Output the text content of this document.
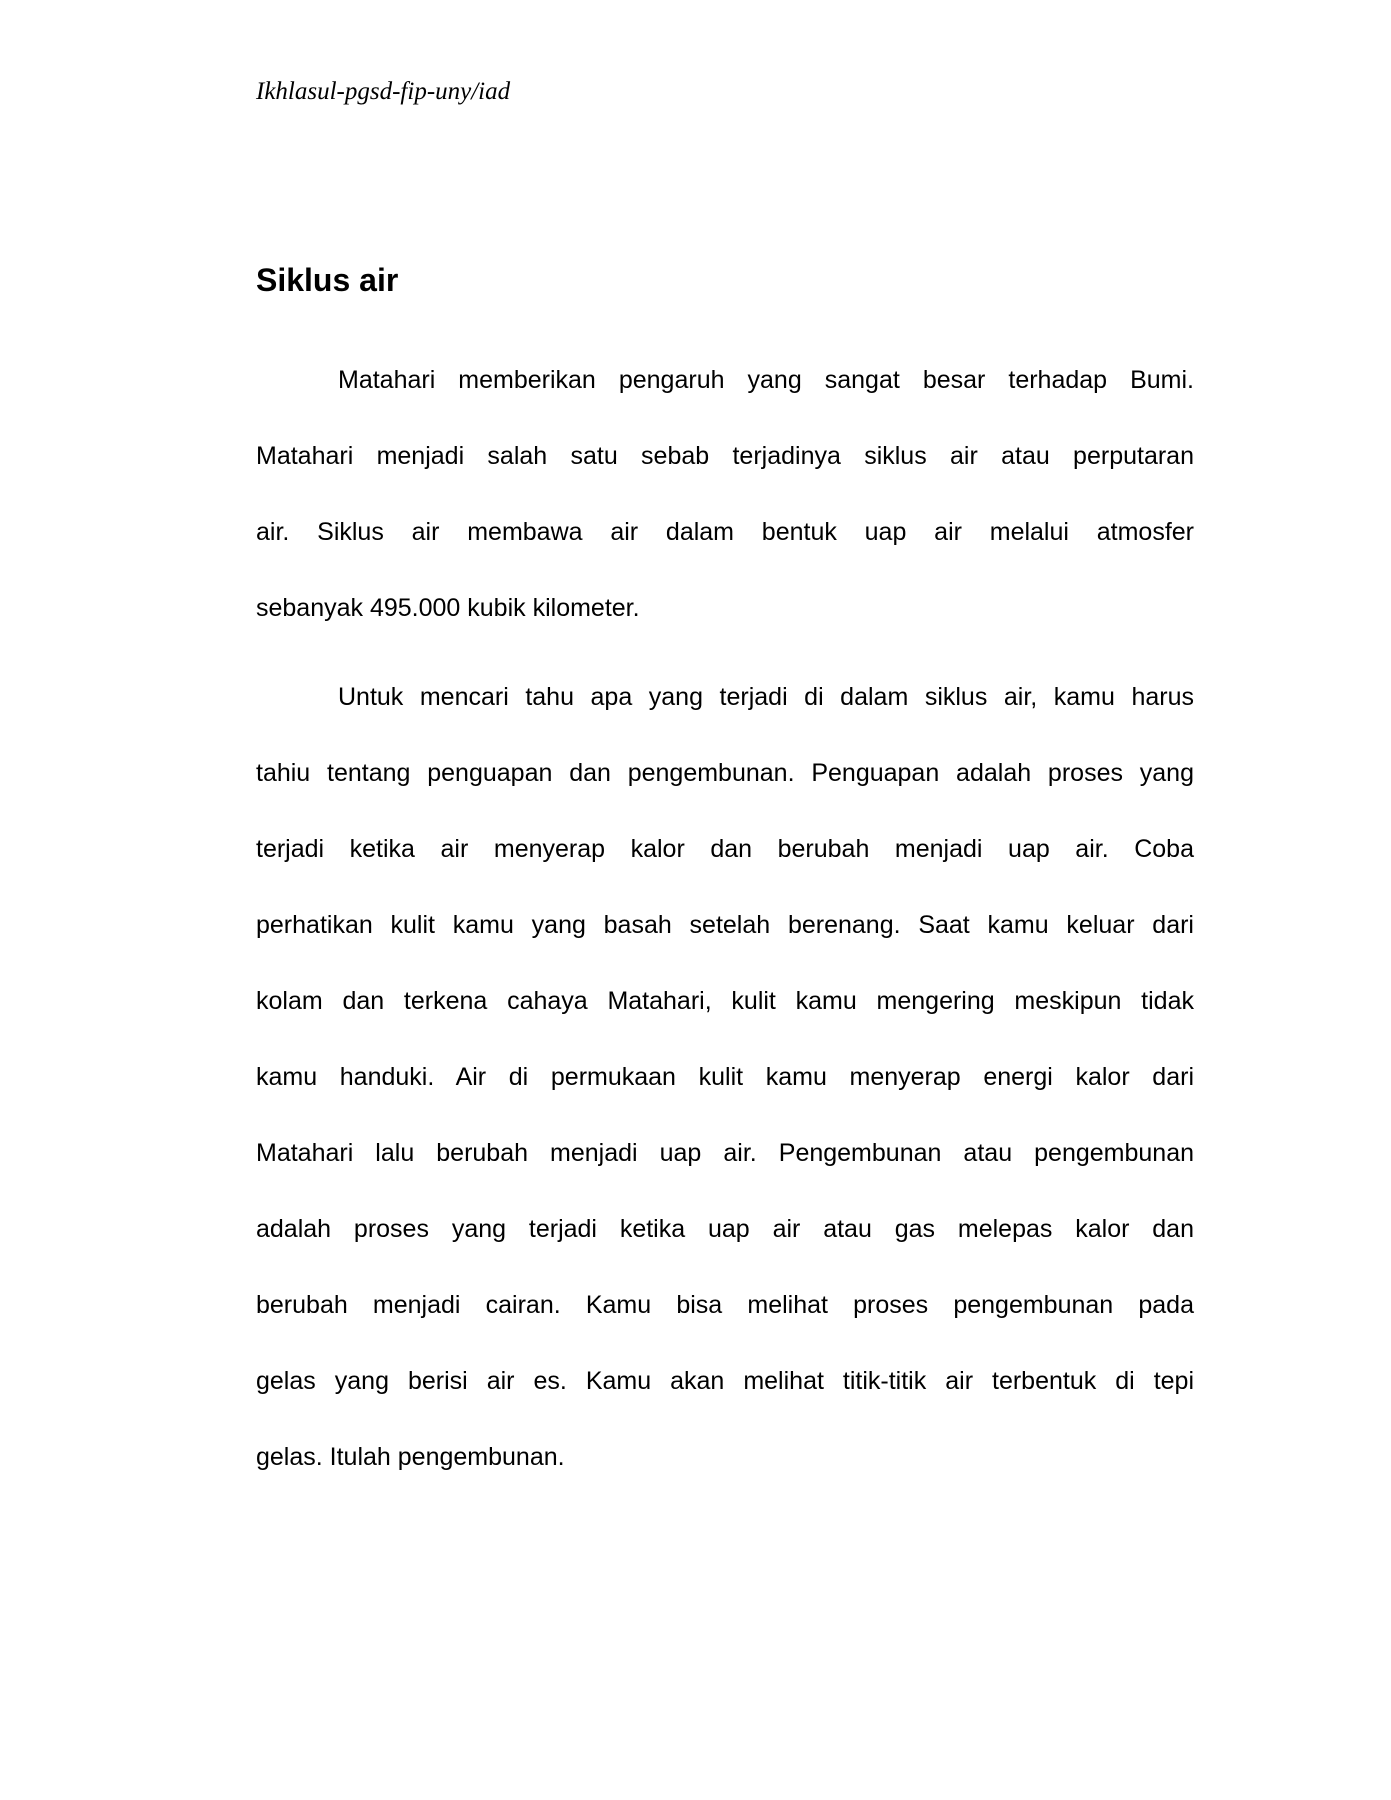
Ikhlasul-pgsd-fip-uny/iad
Siklus air
Matahari memberikan pengaruh yang sangat besar terhadap Bumi.
Matahari menjadi salah satu sebab terjadinya siklus air atau perputaran
air. Siklus air membawa air dalam bentuk uap air melalui atmosfer
sebanyak 495.000 kubik kilometer.
Untuk mencari tahu apa yang terjadi di dalam siklus air, kamu harus
tahiu tentang penguapan dan pengembunan. Penguapan adalah proses yang
terjadi ketika air menyerap kalor dan berubah menjadi uap air. Coba
perhatikan kulit kamu yang basah setelah berenang. Saat kamu keluar dari
kolam dan terkena cahaya Matahari, kulit kamu mengering meskipun tidak
kamu handuki. Air di permukaan kulit kamu menyerap energi kalor dari
Matahari lalu berubah menjadi uap air. Pengembunan atau pengembunan
adalah proses yang terjadi ketika uap air atau gas melepas kalor dan
berubah menjadi cairan. Kamu bisa melihat proses pengembunan pada
gelas yang berisi air es. Kamu akan melihat titik-titik air terbentuk di tepi
gelas. Itulah pengembunan.
